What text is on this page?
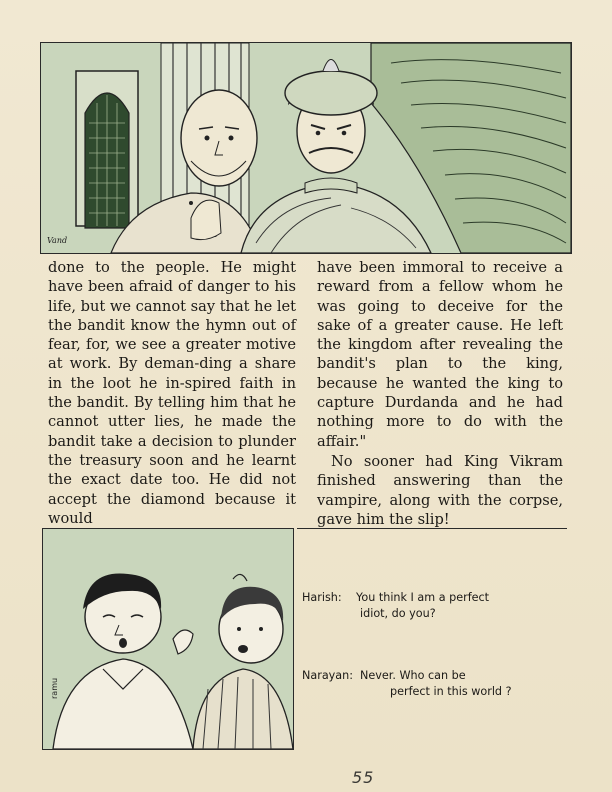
Vand

done to the people. He might have been afraid of danger to his life, but we cannot say that he let the bandit know the hymn out of fear, for, we see a greater motive at work. By deman-ding a share in the loot he in-spired faith in the bandit. By telling him that he cannot utter lies, he made the bandit take a decision to plunder the treasury soon and he learnt the exact date too. He did not accept the diamond because it would

have been immoral to receive a reward from a fellow whom he was going to deceive for the sake of a greater cause. He left the kingdom after revealing the bandit's plan to the king, because he wanted the king to capture Durdanda and he had nothing more to do with the affair."

No sooner had King Vikram finished answering than the vampire, along with the corpse, gave him the slip!

ramu
Harish: You think I am a perfect
idiot, do you?
Narayan: Never. Who can be
perfect in this world ?
55
